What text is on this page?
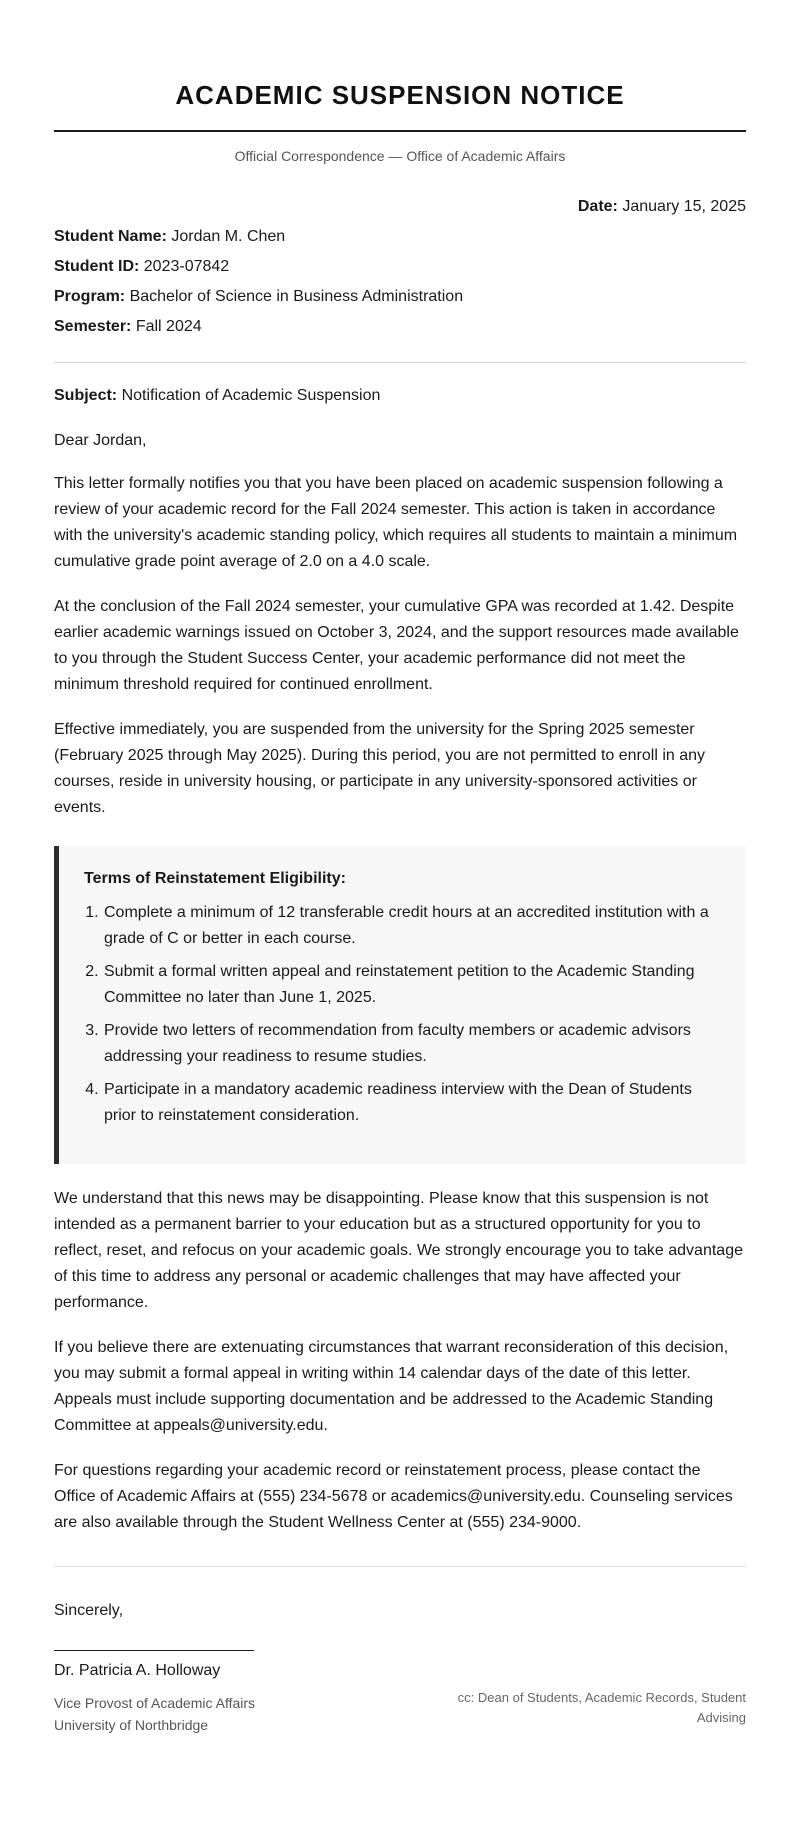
ACADEMIC SUSPENSION NOTICE
Official Correspondence — Office of Academic Affairs
Date: January 15, 2025
Student Name: Jordan M. Chen
Student ID: 2023-07842
Program: Bachelor of Science in Business Administration
Semester: Fall 2024
Subject: Notification of Academic Suspension
Dear Jordan,

This letter formally notifies you that you have been placed on academic suspension following a review of your academic record for the Fall 2024 semester. This action is taken in accordance with the university's academic standing policy, which requires all students to maintain a minimum cumulative grade point average of 2.0 on a 4.0 scale.

At the conclusion of the Fall 2024 semester, your cumulative GPA was recorded at 1.42. Despite earlier academic warnings issued on October 3, 2024, and the support resources made available to you through the Student Success Center, your academic performance did not meet the minimum threshold required for continued enrollment.

Effective immediately, you are suspended from the university for the Spring 2025 semester (February 2025 through May 2025). During this period, you are not permitted to enroll in any courses, reside in university housing, or participate in any university-sponsored activities or events.

Terms of Reinstatement Eligibility:
1. Complete a minimum of 12 transferable credit hours at an accredited institution with a grade of C or better in each course.
2. Submit a formal written appeal and reinstatement petition to the Academic Standing Committee no later than June 1, 2025.
3. Provide two letters of recommendation from faculty members or academic advisors addressing your readiness to resume studies.
4. Participate in a mandatory academic readiness interview with the Dean of Students prior to reinstatement consideration.

We understand that this news may be disappointing. Please know that this suspension is not intended as a permanent barrier to your education but as a structured opportunity for you to reflect, reset, and refocus on your academic goals. We strongly encourage you to take advantage of this time to address any personal or academic challenges that may have affected your performance.

If you believe there are extenuating circumstances that warrant reconsideration of this decision, you may submit a formal appeal in writing within 14 calendar days of the date of this letter. Appeals must include supporting documentation and be addressed to the Academic Standing Committee at appeals@university.edu.

For questions regarding your academic record or reinstatement process, please contact the Office of Academic Affairs at (555) 234-5678 or academics@university.edu. Counseling services are also available through the Student Wellness Center at (555) 234-9000.

Sincerely,
Dr. Patricia A. Holloway
Vice Provost of Academic Affairs
University of Northbridge
cc: Dean of Students, Academic Records, Student Advising
